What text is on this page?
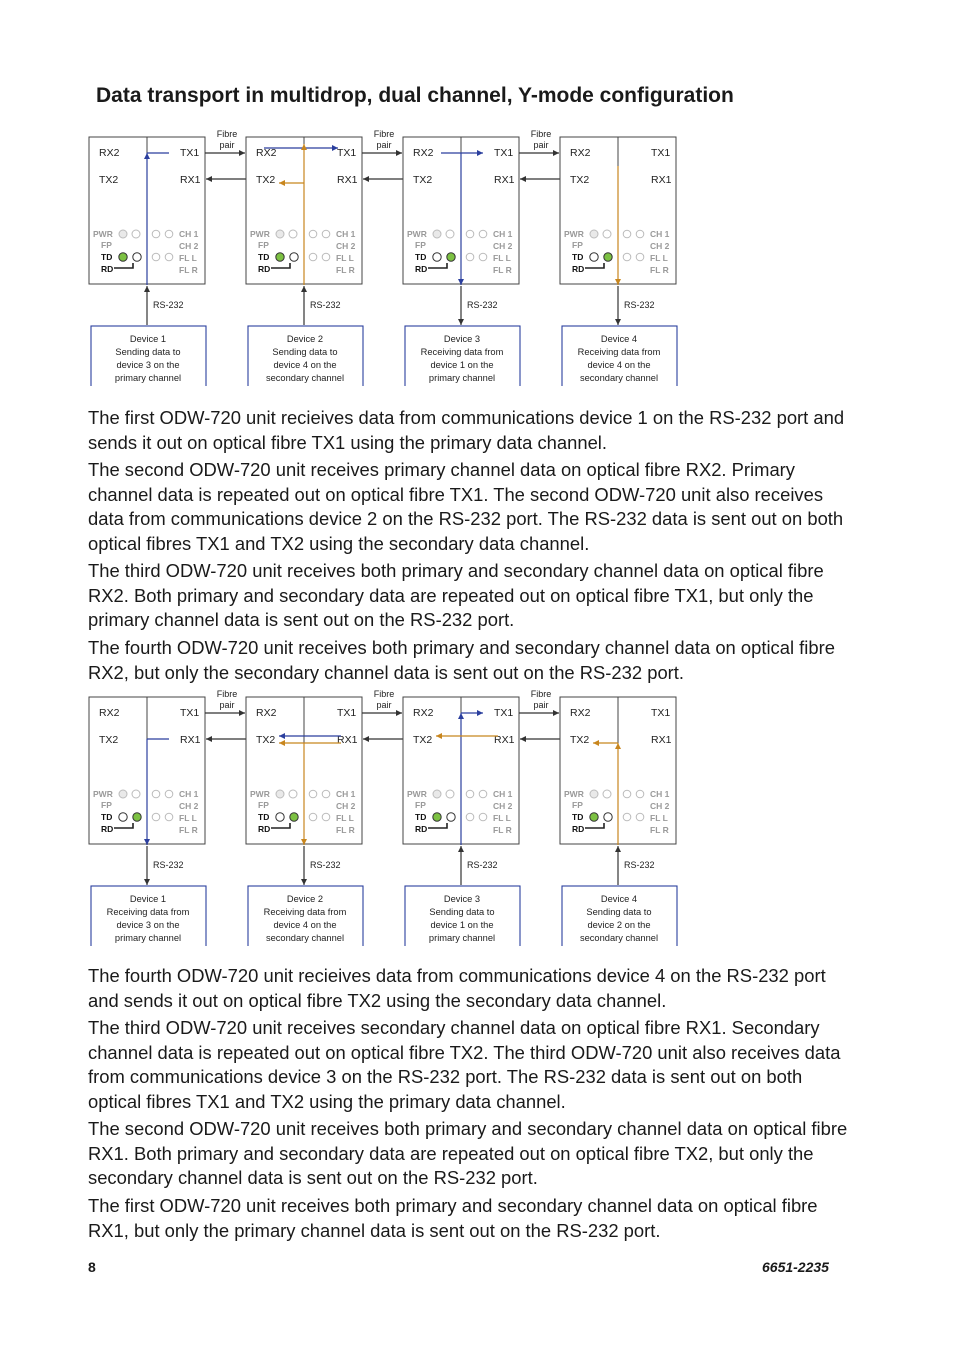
Data transport in multidrop, dual channel, Y-mode configuration
RX2	TX1
TX2	RX1
PWR
FP
TD
RD
CH 1
CH 2
FL L
FL R
RS-232
Device 1
Sending data to
device 3 on the
primary channel
Fibre
pair
RX2	TX1
TX2	RX1
PWR
FP
TD
RD
CH 1
CH 2
FL L
FL R
RS-232
Device 2
Sending data to
device 4 on the
secondary channel
Fibre
pair
RX2	TX1
TX2	RX1
PWR
FP
TD
RD
CH 1
CH 2
FL L
FL R
RS-232
Device 3
Receiving data from
device 1 on the
primary channel
Fibre
pair
RX2	TX1
TX2	RX1
PWR
FP
TD
RD
CH 1
CH 2
FL L
FL R
RS-232
Device 4
Receiving data from
device 4 on the
secondary channel

The first ODW-720 unit recieives data from communications device 1 on the RS-232 port and sends it out on optical fibre TX1 using the primary data channel.

The second ODW-720 unit receives primary channel data on optical fibre RX2. Primary channel data is repeated out on optical fibre TX1. The second ODW-720 unit also receives data from communications device 2 on the RS-232 port. The RS-232 data is sent out on both optical fibres TX1 and TX2 using the secondary data channel.

The third ODW-720 unit receives both primary and secondary channel data on optical fibre RX2. Both primary and secondary data are repeated out on optical fibre TX1, but only the primary channel data is sent out on the RS-232 port.

The fourth ODW-720 unit receives both primary and secondary channel data on optical fibre RX2, but only the secondary channel data is sent out on the RS-232 port.

RX2	TX1
TX2	RX1
PWR
FP
TD
RD
CH 1
CH 2
FL L
FL R
RS-232
Device 1
Receiving data from
device 3 on the
primary channel
Fibre
pair
RX2	TX1
TX2	RX1
PWR
FP
TD
RD
CH 1
CH 2
FL L
FL R
RS-232
Device 2
Receiving data from
device 4 on the
secondary channel
Fibre
pair
RX2	TX1
TX2	RX1
PWR
FP
TD
RD
CH 1
CH 2
FL L
FL R
RS-232
Device 3
Sending data to
device 1 on the
primary channel
Fibre
pair
RX2	TX1
TX2	RX1
PWR
FP
TD
RD
CH 1
CH 2
FL L
FL R
RS-232
Device 4
Sending data to
device 2 on the
secondary channel

The fourth ODW-720 unit recieives data from communications device 4 on the RS-232 port and sends it out on optical fibre TX2 using the secondary data channel.

The third ODW-720 unit receives secondary channel data on optical fibre RX1. Secondary channel data is repeated out on optical fibre TX2. The third ODW-720 unit also receives data from communications device 3 on the RS-232 port. The RS-232 data is sent out on both optical fibres TX1 and TX2 using the primary data channel.

The second ODW-720 unit receives both primary and secondary channel data on optical fibre RX1. Both primary and secondary data are repeated out on optical fibre TX2, but only the secondary channel data is sent out on the RS-232 port.

The first ODW-720 unit receives both primary and secondary channel data on optical fibre RX1, but only the primary channel data is sent out on the RS-232 port.

8	6651-2235
